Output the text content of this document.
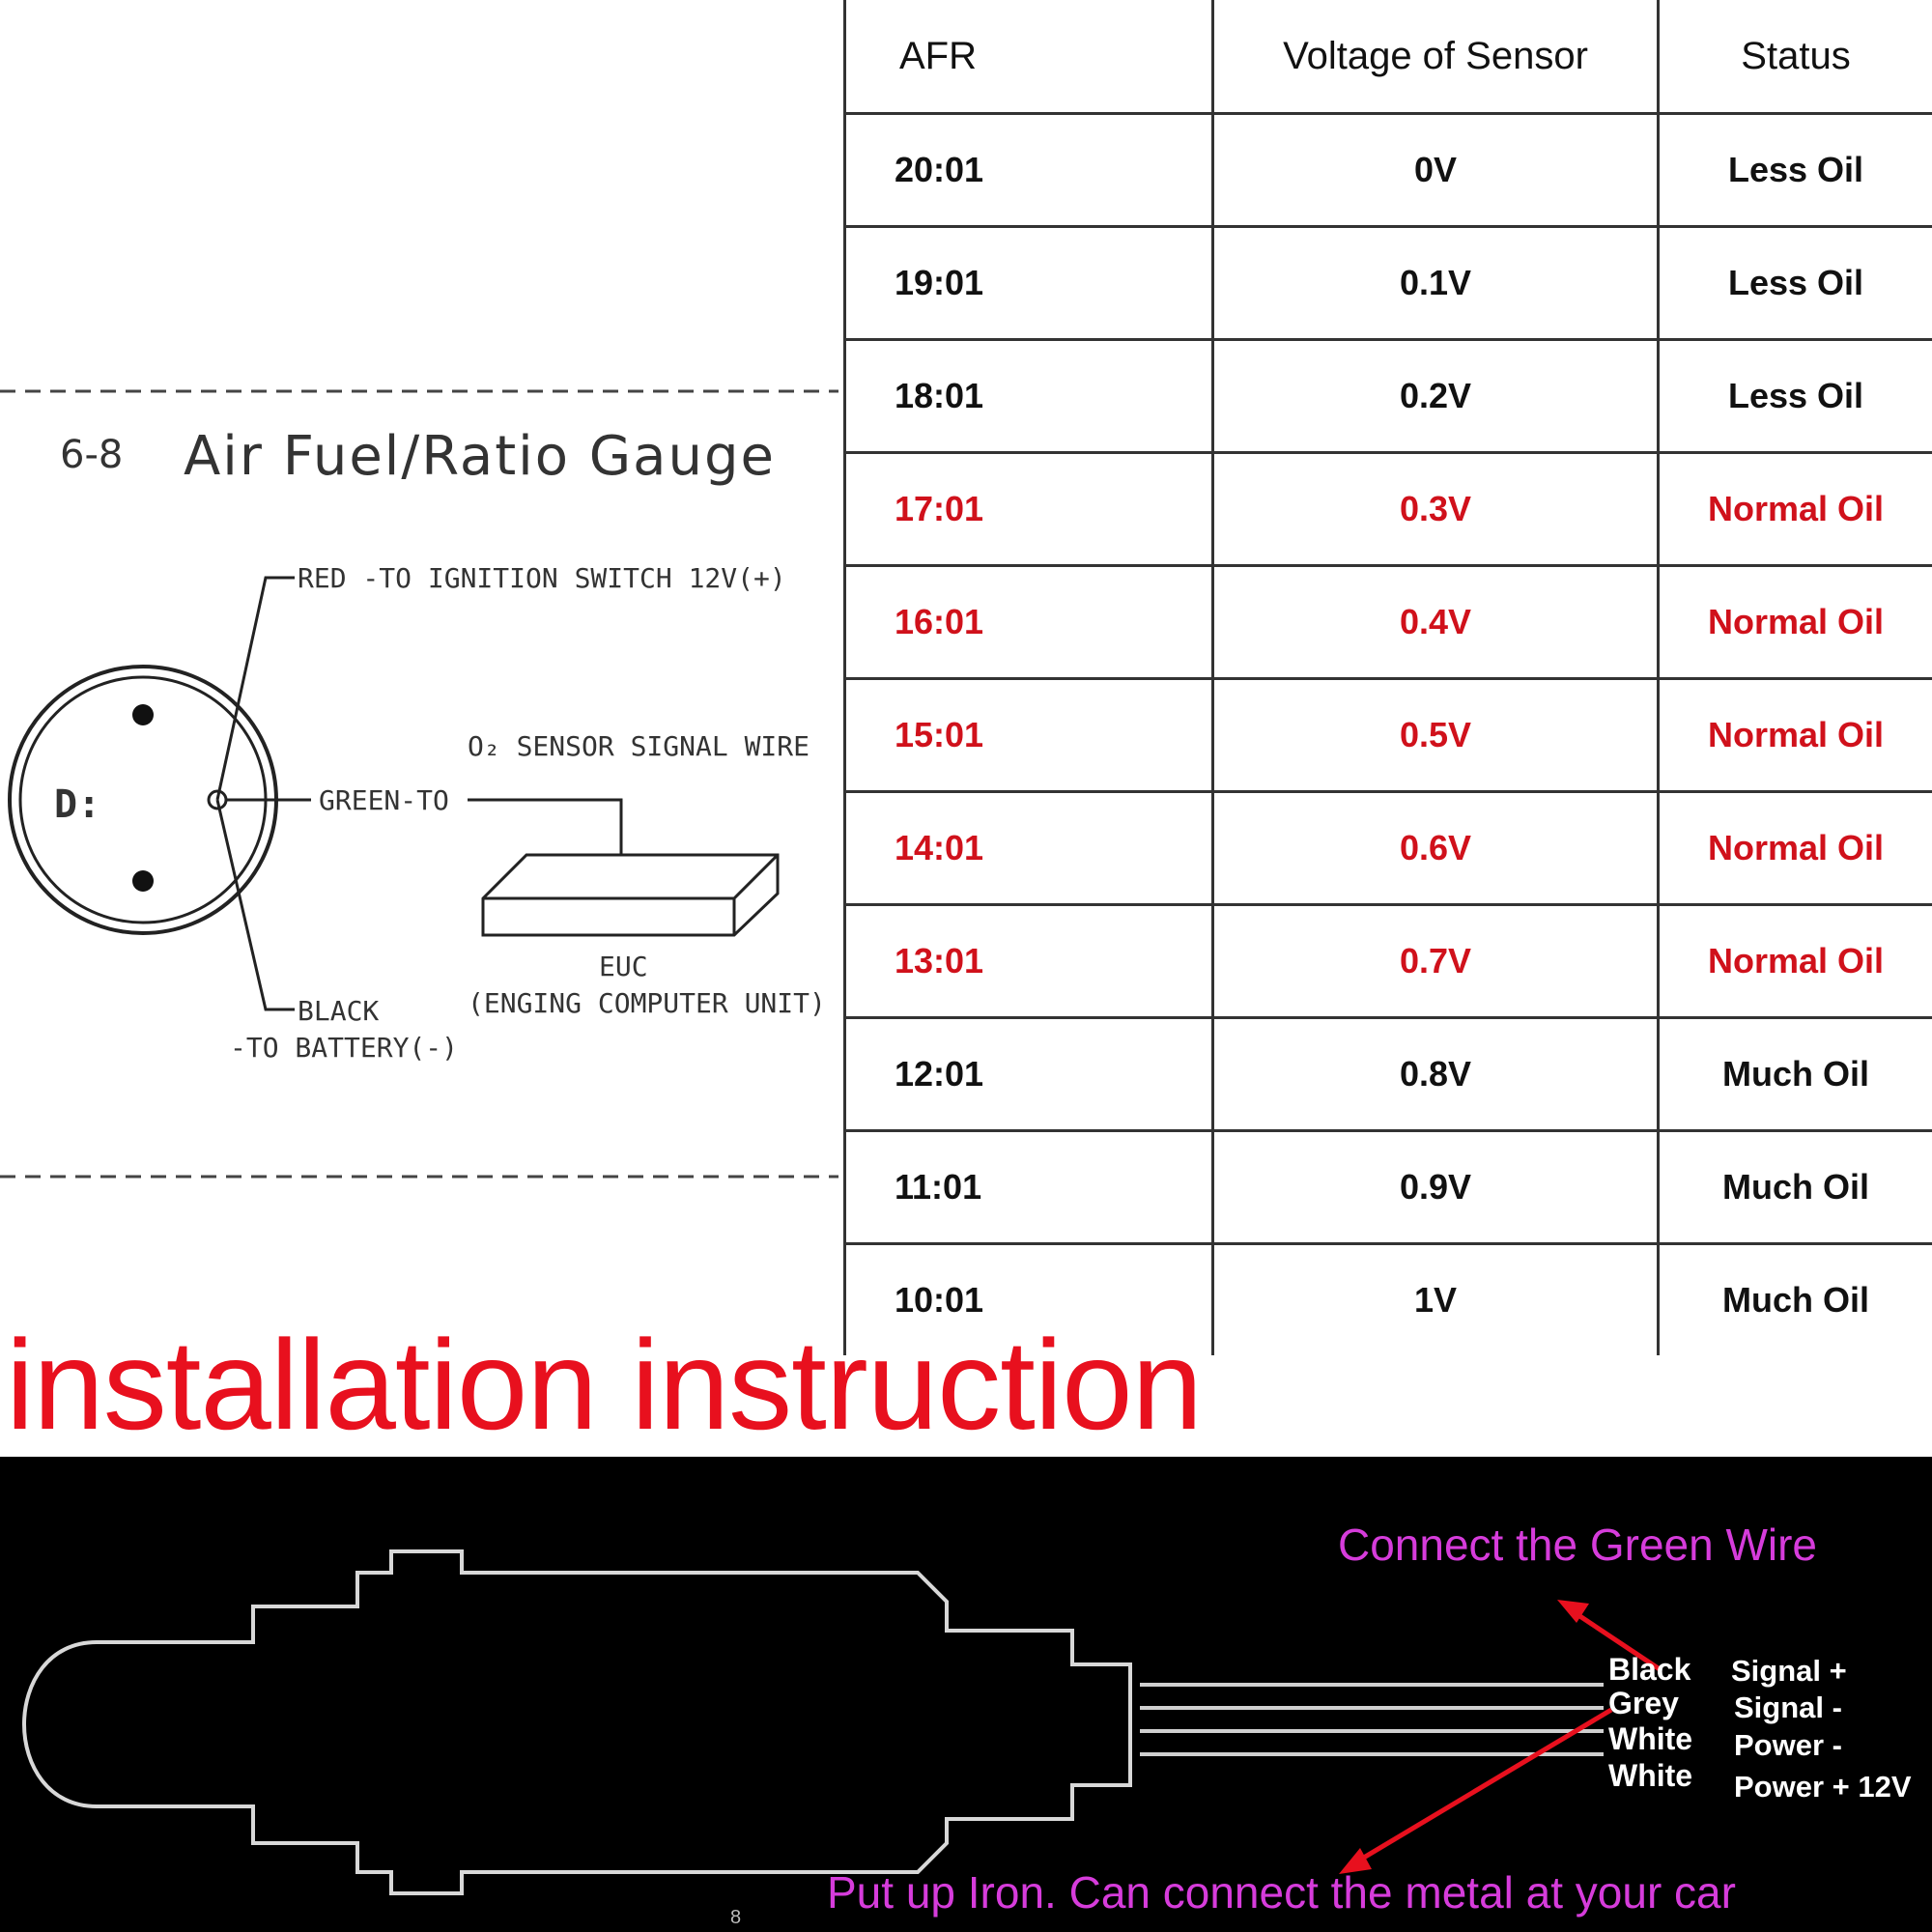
AFR	Voltage of Sensor	Status
20:01	0V	Less Oil
19:01	0.1V	Less Oil
18:01	0.2V	Less Oil
17:01	0.3V	Normal Oil
16:01	0.4V	Normal Oil
15:01	0.5V	Normal Oil
14:01	0.6V	Normal Oil
13:01	0.7V	Normal Oil
12:01	0.8V	Much Oil
11:01	0.9V	Much Oil
10:01	1V	Much Oil
6-8 Air Fuel/Ratio Gauge
D:
RED -TO IGNITION SWITCH 12V(+)
GREEN-TO
O₂ SENSOR SIGNAL WIRE
BLACK
-TO BATTERY(-)
EUC
(ENGING COMPUTER UNIT)
installation instruction
Connect the Green Wire
Put up Iron. Can connect the metal at your car
Black
Grey
White
White
Signal +
Signal -
Power -
Power + 12V
8
